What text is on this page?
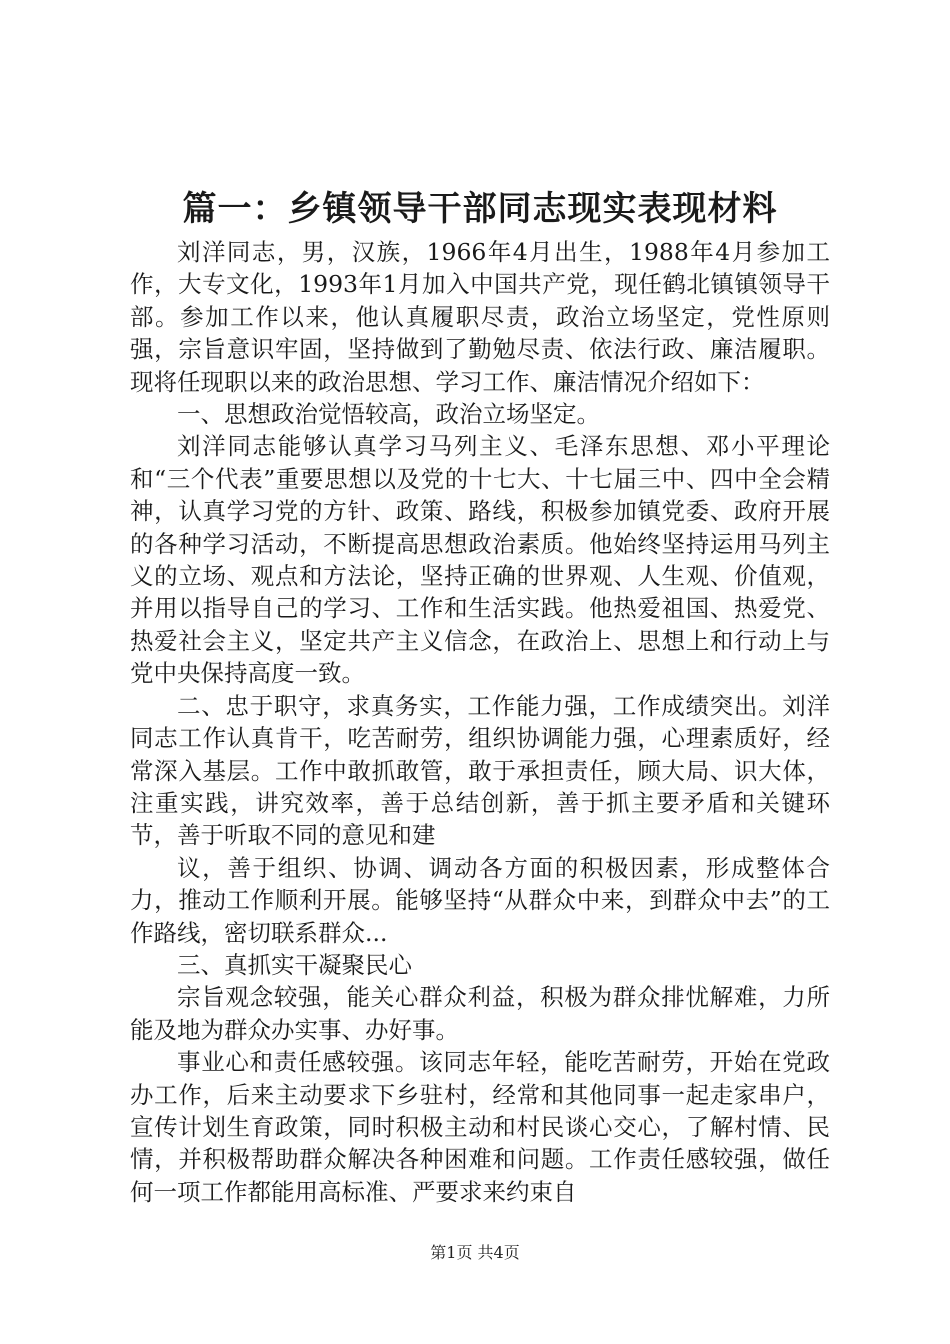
篇一：乡镇领导干部同志现实表现材料

刘洋同志，男，汉族，1966年4月出生，1988年4月参加工作，大专文化，1993年1月加入中国共产党，现任鹤北镇镇领导干部。参加工作以来，他认真履职尽责，政治立场坚定，党性原则强，宗旨意识牢固，坚持做到了勤勉尽责、依法行政、廉洁履职。现将任现职以来的政治思想、学习工作、廉洁情况介绍如下：

一、思想政治觉悟较高，政治立场坚定。

刘洋同志能够认真学习马列主义、毛泽东思想、邓小平理论和“三个代表”重要思想以及党的十七大、十七届三中、四中全会精神，认真学习党的方针、政策、路线，积极参加镇党委、政府开展的各种学习活动，不断提高思想政治素质。他始终坚持运用马列主义的立场、观点和方法论，坚持正确的世界观、人生观、价值观，并用以指导自己的学习、工作和生活实践。他热爱祖国、热爱党、热爱社会主义，坚定共产主义信念，在政治上、思想上和行动上与党中央保持高度一致。

二、忠于职守，求真务实，工作能力强，工作成绩突出。刘洋同志工作认真肯干，吃苦耐劳，组织协调能力强，心理素质好，经常深入基层。工作中敢抓敢管，敢于承担责任，顾大局、识大体，注重实践，讲究效率，善于总结创新，善于抓主要矛盾和关键环节，善于听取不同的意见和建

议，善于组织、协调、调动各方面的积极因素，形成整体合力，推动工作顺利开展。能够坚持“从群众中来，到群众中去”的工作路线，密切联系群众...

三、真抓实干凝聚民心

宗旨观念较强，能关心群众利益，积极为群众排忧解难，力所能及地为群众办实事、办好事。

事业心和责任感较强。该同志年轻，能吃苦耐劳，开始在党政办工作，后来主动要求下乡驻村，经常和其他同事一起走家串户，宣传计划生育政策，同时积极主动和村民谈心交心，了解村情、民情，并积极帮助群众解决各种困难和问题。工作责任感较强，做任何一项工作都能用高标准、严要求来约束自

第1页 共4页
